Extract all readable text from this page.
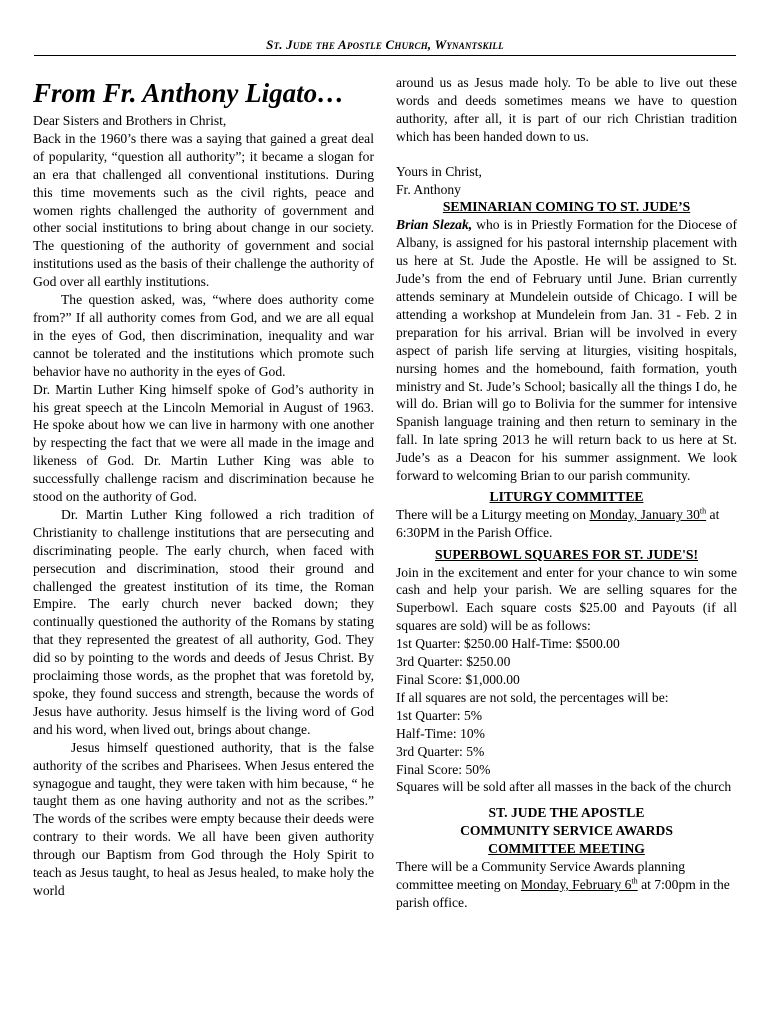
St. Jude the Apostle Church, Wynantskill
From Fr. Anthony Ligato…

Dear Sisters and Brothers in Christ,

Back in the 1960’s there was a saying that gained a great deal of popularity, “question all authority”; it became a slogan for an era that challenged all conventional institutions. During this time movements such as the civil rights, peace and women rights challenged the authority of government and other social institutions to bring about change in our society. The questioning of the authority of government and social institutions used as the basis of their challenge the authority of God over all earthly institutions.

The question asked, was, “where does authority come from?” If all authority comes from God, and we are all equal in the eyes of God, then discrimination, inequality and war cannot be tolerated and the institutions which promote such behavior have no authority in the eyes of God.

Dr. Martin Luther King himself spoke of God’s authority in his great speech at the Lincoln Memorial in August of 1963. He spoke about how we can live in harmony with one another by respecting the fact that we were all made in the image and likeness of God. Dr. Martin Luther King was able to successfully challenge racism and discrimination because he stood on the authority of God.

Dr. Martin Luther King followed a rich tradition of Christianity to challenge institutions that are persecuting and discriminating people. The early church, when faced with persecution and discrimination, stood their ground and challenged the greatest institution of its time, the Roman Empire. The early church never backed down; they continually questioned the authority of the Romans by stating that they represented the greatest of all authority, God. They did so by pointing to the words and deeds of Jesus Christ. By proclaiming those words, as the prophet that was foretold by, spoke, they found success and strength, because the words of Jesus have authority. Jesus himself is the living word of God and his word, when lived out, brings about change.

Jesus himself questioned authority, that is the false authority of the scribes and Pharisees. When Jesus entered the synagogue and taught, they were taken with him because, “ he taught them as one having authority and not as the scribes.” The words of the scribes were empty because their deeds were contrary to their words. We all have been given authority through our Baptism from God through the Holy Spirit to teach as Jesus taught, to heal as Jesus healed, to make holy the world

around us as Jesus made holy. To be able to live out these words and deeds sometimes means we have to question authority, after all, it is part of our rich Christian tradition which has been handed down to us.

Yours in Christ,

Fr. Anthony

SEMINARIAN COMING TO ST. JUDE’S

Brian Slezak, who is in Priestly Formation for the Diocese of Albany, is assigned for his pastoral internship placement with us here at St. Jude the Apostle. He will be assigned to St. Jude’s from the end of February until June. Brian currently attends seminary at Mundelein outside of Chicago. I will be attending a workshop at Mundelein from Jan. 31 - Feb. 2 in preparation for his arrival. Brian will be involved in every aspect of parish life serving at liturgies, visiting hospitals, nursing homes and the homebound, faith formation, youth ministry and St. Jude’s School; basically all the things I do, he will do. Brian will go to Bolivia for the summer for intensive Spanish language training and then return to seminary in the fall. In late spring 2013 he will return back to us here at St. Jude’s as a Deacon for his summer assignment. We look forward to welcoming Brian to our parish community.

LITURGY COMMITTEE

There will be a Liturgy meeting on Monday, January 30th at 6:30PM in the Parish Office.

SUPERBOWL SQUARES FOR ST. JUDE'S!

Join in the excitement and enter for your chance to win some cash and help your parish. We are selling squares for the Superbowl. Each square costs $25.00 and Payouts (if all squares are sold) will be as follows:

1st Quarter: $250.00 Half-Time: $500.00

3rd Quarter: $250.00

Final Score: $1,000.00

If all squares are not sold, the percentages will be:

1st Quarter: 5%

Half-Time: 10%

3rd Quarter: 5%

Final Score: 50%

Squares will be sold after all masses in the back of the church

ST. JUDE THE APOSTLE

COMMUNITY SERVICE AWARDS

COMMITTEE MEETING

There will be a Community Service Awards planning committee meeting on Monday, February 6th at 7:00pm in the parish office.
